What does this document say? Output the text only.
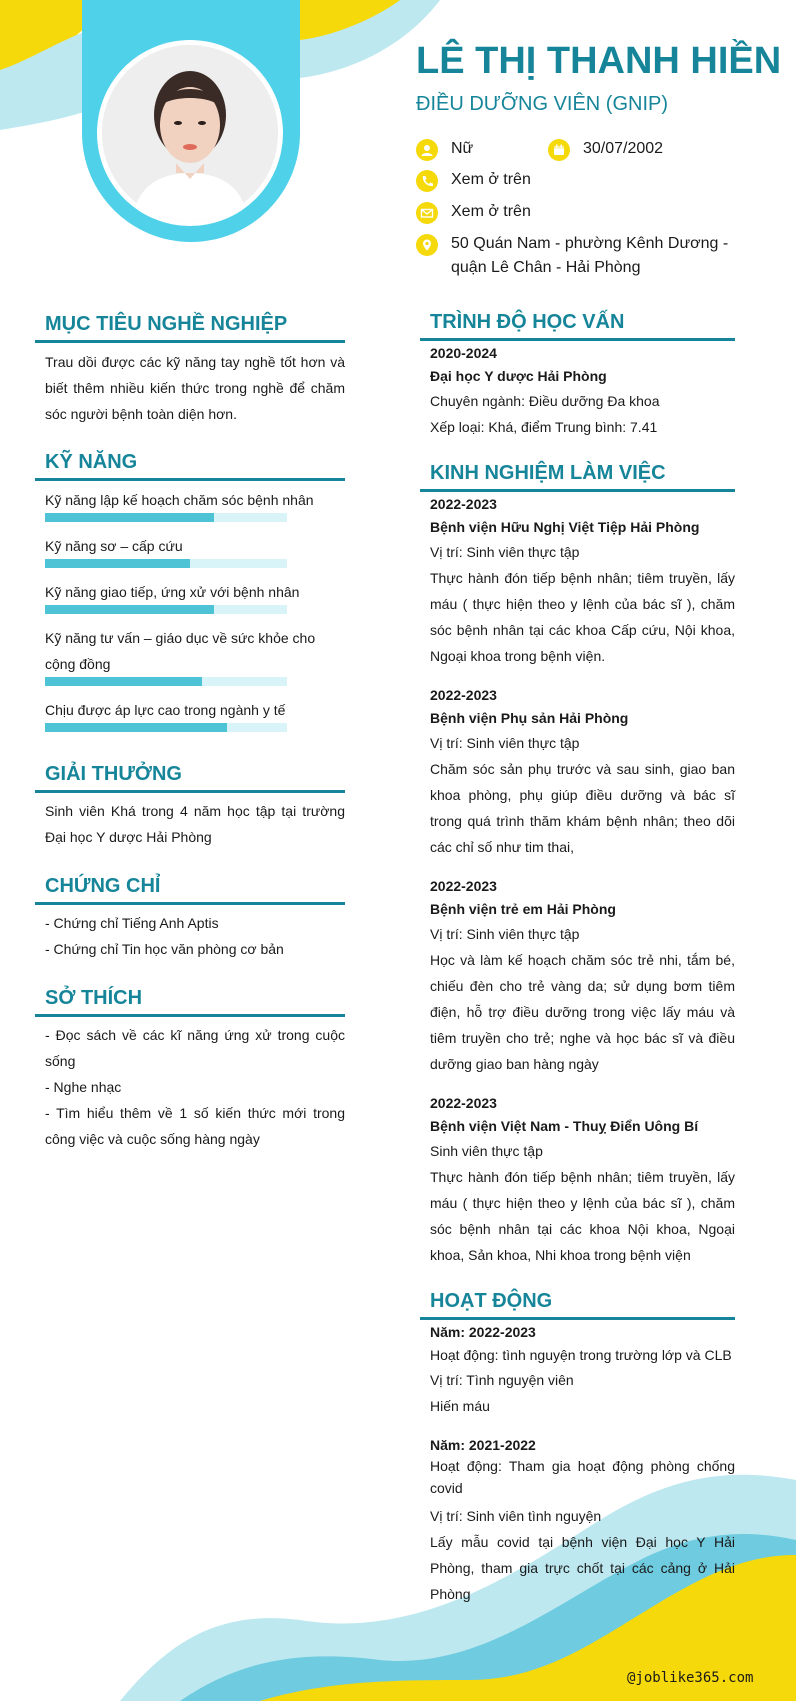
LÊ THỊ THANH HIỀN

ĐIỀU DƯỠNG VIÊN (GNIP)

Nữ	30/07/2002
Xem ở trên
Xem ở trên
50 Quán Nam - phường Kênh Dương - quận Lê Chân - Hải Phòng
MỤC TIÊU NGHỀ NGHIỆP

Trau dồi được các kỹ năng tay nghề tốt hơn và biết thêm nhiều kiến thức trong nghề để chăm sóc người bệnh toàn diện hơn.

KỸ NĂNG

Kỹ năng lập kế hoạch chăm sóc bệnh nhân

Kỹ năng sơ – cấp cứu

Kỹ năng giao tiếp, ứng xử với bệnh nhân

Kỹ năng tư vấn – giáo dục về sức khỏe cho cộng đồng

Chịu được áp lực cao trong ngành y tế

GIẢI THƯỞNG

Sinh viên Khá trong 4 năm học tập tại trường Đại học Y dược Hải Phòng

CHỨNG CHỈ

- Chứng chỉ Tiếng Anh Aptis

- Chứng chỉ Tin học văn phòng cơ bản

SỞ THÍCH

- Đọc sách về các kĩ năng ứng xử trong cuộc sống

- Nghe nhạc

- Tìm hiểu thêm về 1 số kiến thức mới trong công việc và cuộc sống hàng ngày

TRÌNH ĐỘ HỌC VẤN

2020-2024

Đại học Y dược Hải Phòng

Chuyên ngành: Điều dưỡng Đa khoa

Xếp loại: Khá, điểm Trung bình: 7.41

KINH NGHIỆM LÀM VIỆC

2022-2023

Bệnh viện Hữu Nghị Việt Tiệp Hải Phòng

Vị trí: Sinh viên thực tập

Thực hành đón tiếp bệnh nhân; tiêm truyền, lấy máu ( thực hiện theo y lệnh của bác sĩ ), chăm sóc bệnh nhân tại các khoa Cấp cứu, Nội khoa, Ngoại khoa trong bệnh viện.

2022-2023

Bệnh viện Phụ sản Hải Phòng

Vị trí: Sinh viên thực tập

Chăm sóc sản phụ trước và sau sinh, giao ban khoa phòng, phụ giúp điều dưỡng và bác sĩ trong quá trình thăm khám bệnh nhân; theo dõi các chỉ số như tim thai,

2022-2023

Bệnh viện trẻ em Hải Phòng

Vị trí: Sinh viên thực tập

Học và làm kế hoạch chăm sóc trẻ nhi, tắm bé, chiếu đèn cho trẻ vàng da; sử dụng bơm tiêm điện, hỗ trợ điều dưỡng trong việc lấy máu và tiêm truyền cho trẻ; nghe và học bác sĩ và điều dưỡng giao ban hàng ngày

2022-2023

Bệnh viện Việt Nam - Thuỵ Điển Uông Bí

Sinh viên thực tập

Thực hành đón tiếp bệnh nhân; tiêm truyền, lấy máu ( thực hiện theo y lệnh của bác sĩ ), chăm sóc bệnh nhân tại các khoa Nội khoa, Ngoại khoa, Sản khoa, Nhi khoa trong bệnh viện

HOẠT ĐỘNG

Năm: 2022-2023

Hoạt động: tình nguyện trong trường lớp và CLB

Vị trí: Tình nguyện viên

Hiến máu

Năm: 2021-2022

Hoạt động: Tham gia hoạt động phòng chống covid

Vị trí: Sinh viên tình nguyện

Lấy mẫu covid tại bệnh viện Đại học Y Hải Phòng, tham gia trực chốt tại các cảng ở Hải Phòng

@joblike365.com
